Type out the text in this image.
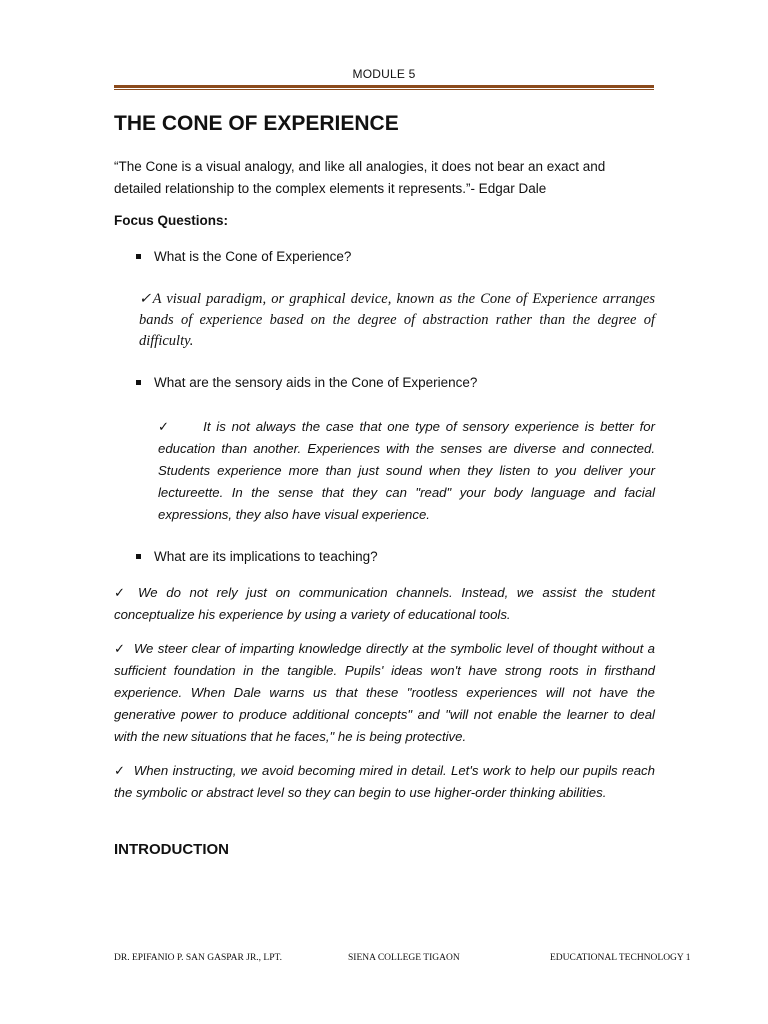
MODULE 5
THE CONE OF EXPERIENCE

“The Cone is a visual analogy, and like all analogies, it does not bear an exact and detailed relationship to the complex elements it represents.”- Edgar Dale

Focus Questions:

What is the Cone of Experience?

✓A visual paradigm, or graphical device, known as the Cone of Experience arranges bands of experience based on the degree of abstraction rather than the degree of difficulty.

What are the sensory aids in the Cone of Experience?

✓ It is not always the case that one type of sensory experience is better for education than another. Experiences with the senses are diverse and connected. Students experience more than just sound when they listen to you deliver your lectureette. In the sense that they can "read" your body language and facial expressions, they also have visual experience.

What are its implications to teaching?

✓ We do not rely just on communication channels. Instead, we assist the student conceptualize his experience by using a variety of educational tools.

✓ We steer clear of imparting knowledge directly at the symbolic level of thought without a sufficient foundation in the tangible. Pupils' ideas won't have strong roots in firsthand experience. When Dale warns us that these "rootless experiences will not have the generative power to produce additional concepts" and "will not enable the learner to deal with the new situations that he faces," he is being protective.

✓ When instructing, we avoid becoming mired in detail. Let's work to help our pupils reach the symbolic or abstract level so they can begin to use higher-order thinking abilities.

INTRODUCTION

DR. EPIFANIO P. SAN GASPAR JR., LPT.	SIENA COLLEGE TIGAON	EDUCATIONAL TECHNOLOGY 1
